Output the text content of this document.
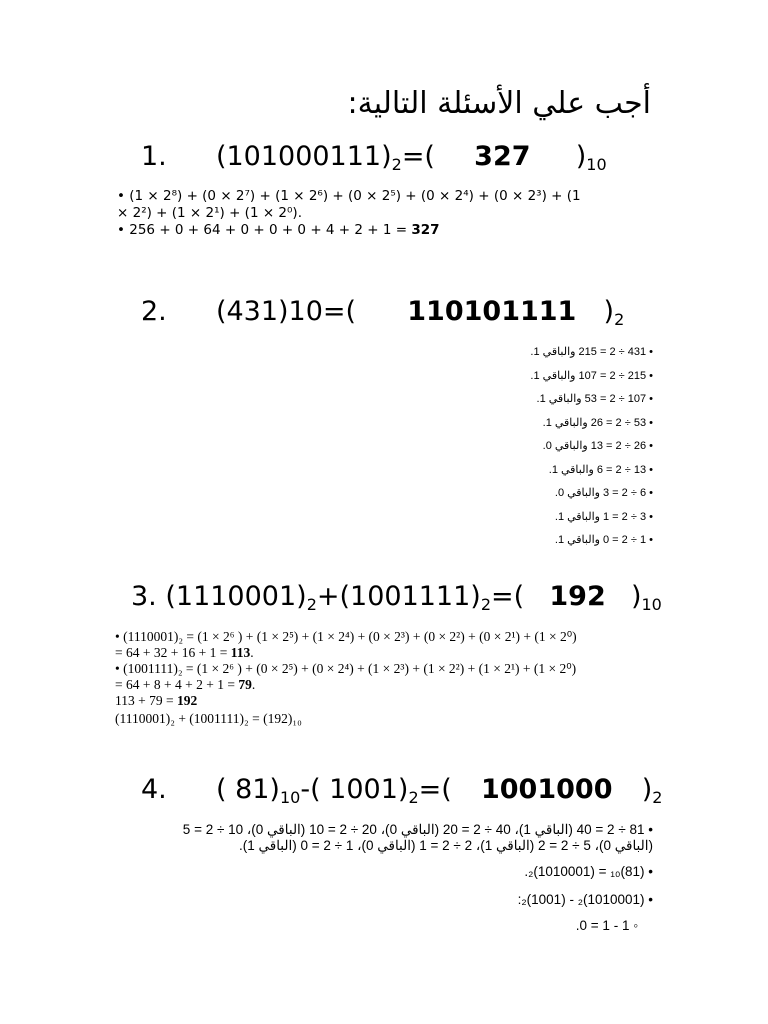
أجب علي الأسئلة التالية:
1. $(101000111)_2=$( 327 )$_{10}$
• (1 × 2⁸) + (0 × 2⁷) + (1 × 2⁶) + (0 × 2⁵) + (0 × 2⁴) + (0 × 2³) + (1
× 2²) + (1 × 2¹) + (1 × 2⁰).
• 256 + 0 + 64 + 0 + 0 + 0 + 4 + 2 + 1 = 327
2. (431)10=( 110101111 )$_2$
• 431 ÷ 2 = 215 والباقي 1.
• 215 ÷ 2 = 107 والباقي 1.
• 107 ÷ 2 = 53 والباقي 1.
• 53 ÷ 2 = 26 والباقي 1.
• 26 ÷ 2 = 13 والباقي 0.
• 13 ÷ 2 = 6 والباقي 1.
• 6 ÷ 2 = 3 والباقي 0.
• 3 ÷ 2 = 1 والباقي 1.
• 1 ÷ 2 = 0 والباقي 1.
3. $(1110001)_2+(1001111)_2=$( 192 )$_{10}$
• (1110001)₂ = (1 × 2⁶ ) + (1 × 2⁵) + (1 × 2⁴) + (0 × 2³) + (0 × 2²) + (0 × 2¹) + (1 × 2⁰)
= 64 + 32 + 16 + 1 = 113.
• (1001111)₂ = (1 × 2⁶ ) + (0 × 2⁵) + (0 × 2⁴) + (1 × 2³) + (1 × 2²) + (1 × 2¹) + (1 × 2⁰)
= 64 + 8 + 4 + 2 + 1 = 79.
113 + 79 = 192
(1110001)₂ + (1001111)₂ = (192)₁₀
4. ( $81)_{10}-$( $1001)_2=$( 1001000 )$_2$
• 81 ÷ 2 = 40 (الباقي 1)، 40 ÷ 2 = 20 (الباقي 0)، 20 ÷ 2 = 10 (الباقي 0)، 10 ÷ 2 = 5
(الباقي 0)، 5 ÷ 2 = 2 (الباقي 1)، 2 ÷ 2 = 1 (الباقي 0)، 1 ÷ 2 = 0 (الباقي 1).
• (81)₁₀ = (1010001)₂.
• (1010001)₂ - (1001)₂:
◦ 1 - 1 = 0.
